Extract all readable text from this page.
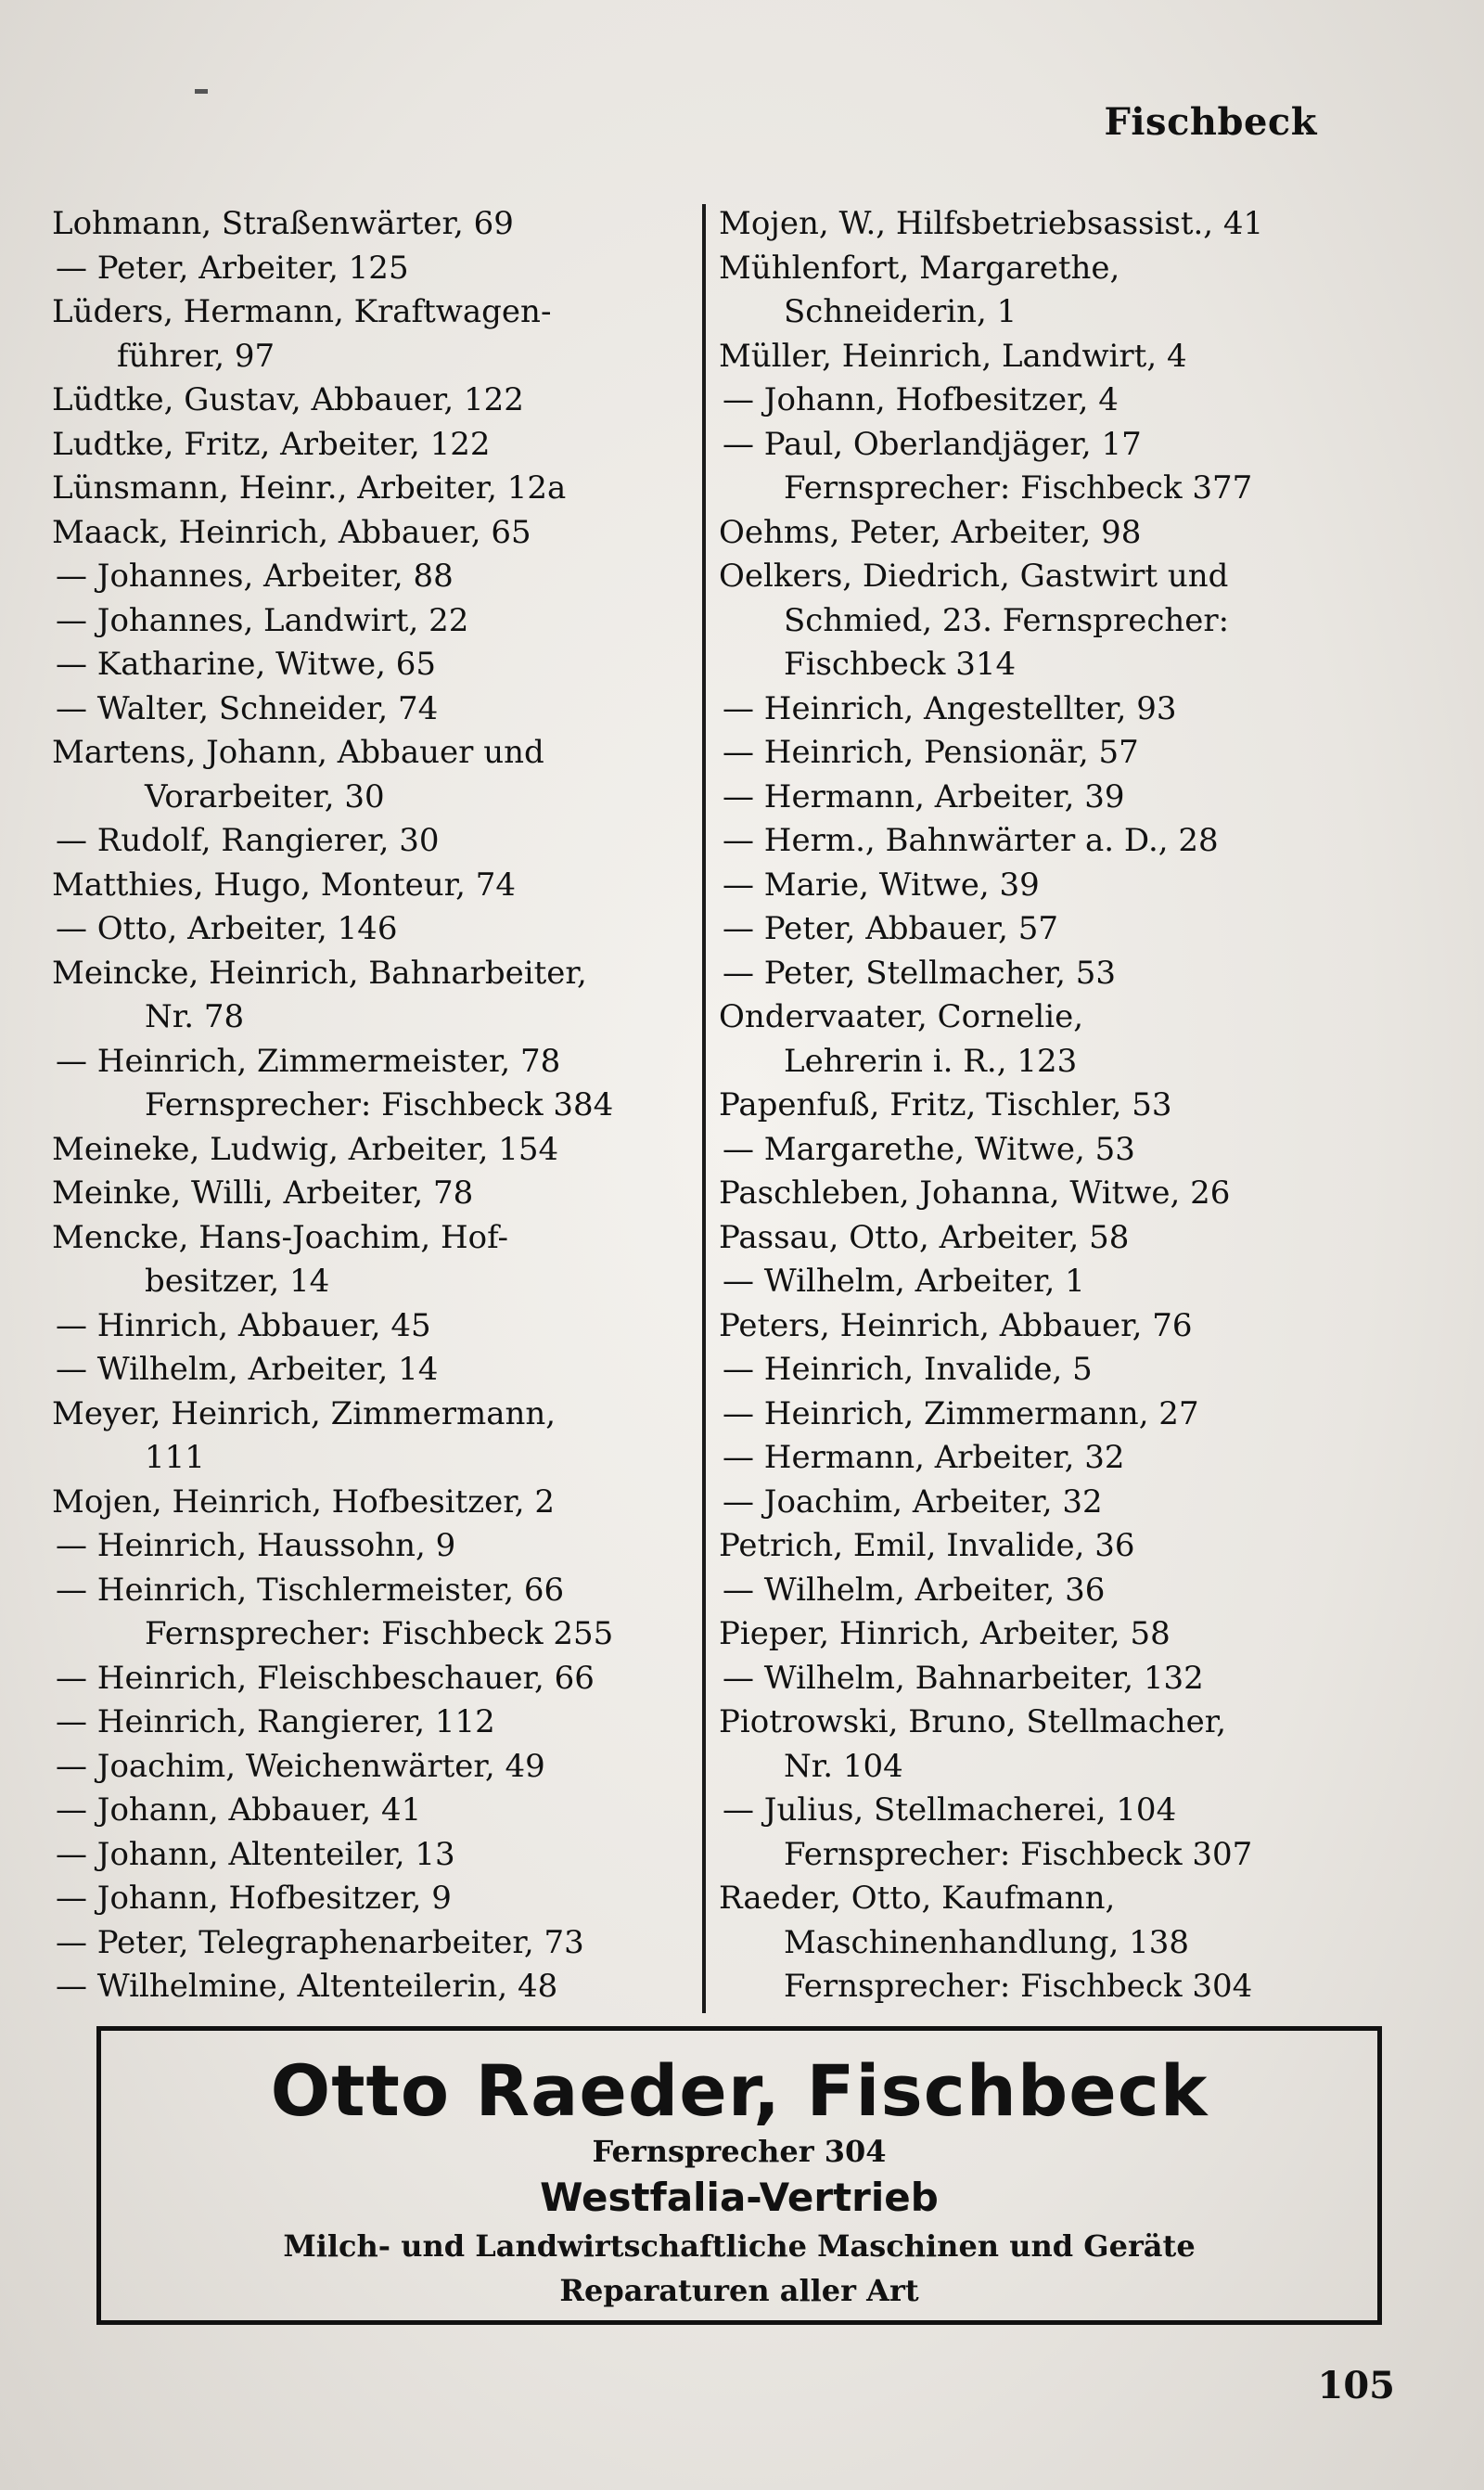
Fischbeck
Lohmann, Straßenwärter, 69
— Peter, Arbeiter, 125
Lüders, Hermann, Kraftwagen-
führer, 97
Lüdtke, Gustav, Abbauer, 122
Ludtke, Fritz, Arbeiter, 122
Lünsmann, Heinr., Arbeiter, 12a
Maack, Heinrich, Abbauer, 65
— Johannes, Arbeiter, 88
— Johannes, Landwirt, 22
— Katharine, Witwe, 65
— Walter, Schneider, 74
Martens, Johann, Abbauer und
Vorarbeiter, 30
— Rudolf, Rangierer, 30
Matthies, Hugo, Monteur, 74
— Otto, Arbeiter, 146
Meincke, Heinrich, Bahnarbeiter,
Nr. 78
— Heinrich, Zimmermeister, 78
Fernsprecher: Fischbeck 384
Meineke, Ludwig, Arbeiter, 154
Meinke, Willi, Arbeiter, 78
Mencke, Hans-Joachim, Hof-
besitzer, 14
— Hinrich, Abbauer, 45
— Wilhelm, Arbeiter, 14
Meyer, Heinrich, Zimmermann,
111
Mojen, Heinrich, Hofbesitzer, 2
— Heinrich, Haussohn, 9
— Heinrich, Tischlermeister, 66
Fernsprecher: Fischbeck 255
— Heinrich, Fleischbeschauer, 66
— Heinrich, Rangierer, 112
— Joachim, Weichenwärter, 49
— Johann, Abbauer, 41
— Johann, Altenteiler, 13
— Johann, Hofbesitzer, 9
— Peter, Telegraphenarbeiter, 73
— Wilhelmine, Altenteilerin, 48
Mojen, W., Hilfsbetriebsassist., 41
Mühlenfort, Margarethe,
Schneiderin, 1
Müller, Heinrich, Landwirt, 4
— Johann, Hofbesitzer, 4
— Paul, Oberlandjäger, 17
Fernsprecher: Fischbeck 377
Oehms, Peter, Arbeiter, 98
Oelkers, Diedrich, Gastwirt und
Schmied, 23. Fernsprecher:
Fischbeck 314
— Heinrich, Angestellter, 93
— Heinrich, Pensionär, 57
— Hermann, Arbeiter, 39
— Herm., Bahnwärter a. D., 28
— Marie, Witwe, 39
— Peter, Abbauer, 57
— Peter, Stellmacher, 53
Ondervaater, Cornelie,
Lehrerin i. R., 123
Papenfuß, Fritz, Tischler, 53
— Margarethe, Witwe, 53
Paschleben, Johanna, Witwe, 26
Passau, Otto, Arbeiter, 58
— Wilhelm, Arbeiter, 1
Peters, Heinrich, Abbauer, 76
— Heinrich, Invalide, 5
— Heinrich, Zimmermann, 27
— Hermann, Arbeiter, 32
— Joachim, Arbeiter, 32
Petrich, Emil, Invalide, 36
— Wilhelm, Arbeiter, 36
Pieper, Hinrich, Arbeiter, 58
— Wilhelm, Bahnarbeiter, 132
Piotrowski, Bruno, Stellmacher,
Nr. 104
— Julius, Stellmacherei, 104
Fernsprecher: Fischbeck 307
Raeder, Otto, Kaufmann,
Maschinenhandlung, 138
Fernsprecher: Fischbeck 304
Otto Raeder, Fischbeck
Fernsprecher 304
Westfalia-Vertrieb
Milch- und Landwirtschaftliche Maschinen und Geräte
Reparaturen aller Art
105
